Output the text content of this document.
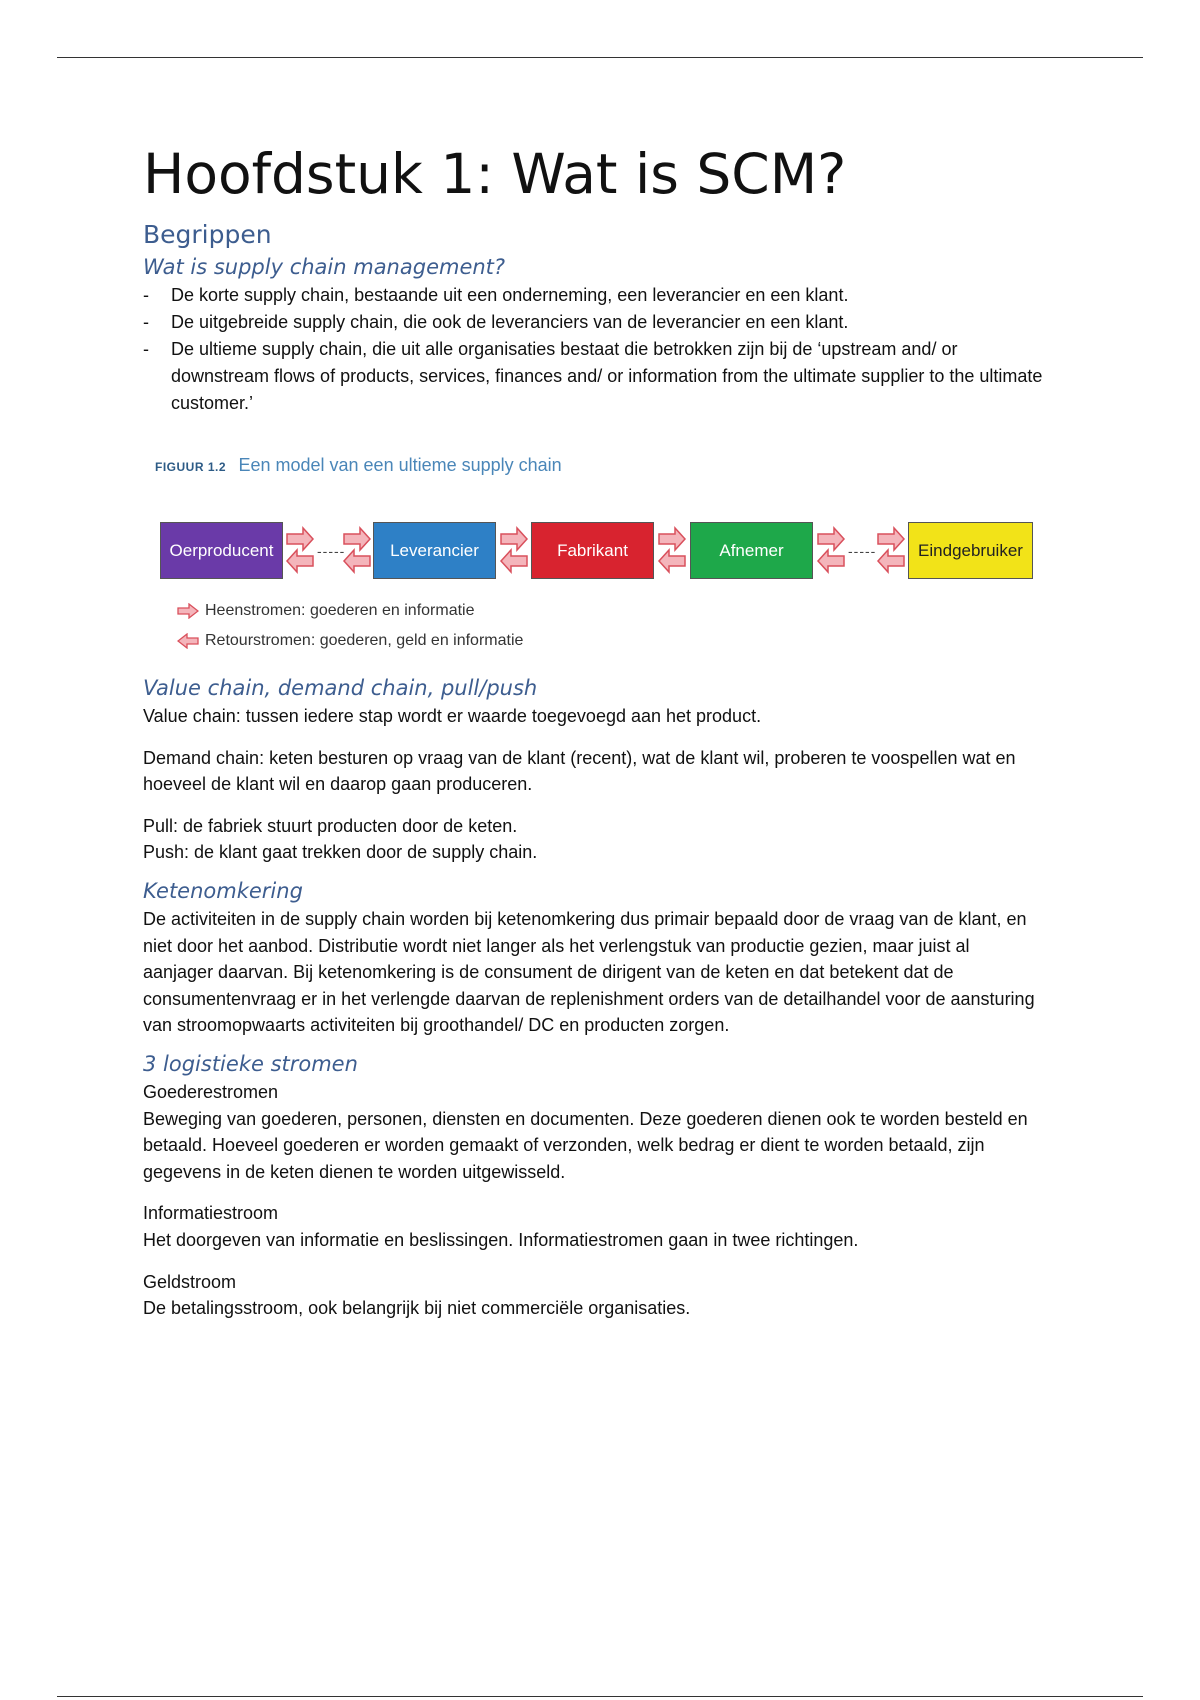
Hoofdstuk 1: Wat is SCM?
Begrippen
Wat is supply chain management?
- De korte supply chain, bestaande uit een onderneming, een leverancier en een klant.
- De uitgebreide supply chain, die ook de leveranciers van de leverancier en een klant.
- De ultieme supply chain, die uit alle organisaties bestaat die betrokken zijn bij de ‘upstream and/ or downstream flows of products, services, finances and/ or information from the ultimate supplier to the ultimate customer.’
FIGUUR 1.2 Een model van een ultieme supply chain
Oerproducent	Leverancier	Fabrikant	Afnemer	Eindgebruiker
-----	-----
Heenstromen: goederen en informatie
Retourstromen: goederen, geld en informatie
Value chain, demand chain, pull/push

Value chain: tussen iedere stap wordt er waarde toegevoegd aan het product.

Demand chain: keten besturen op vraag van de klant (recent), wat de klant wil, proberen te voospellen wat en hoeveel de klant wil en daarop gaan produceren.

Pull: de fabriek stuurt producten door de keten.
Push: de klant gaat trekken door de supply chain.

Ketenomkering

De activiteiten in de supply chain worden bij ketenomkering dus primair bepaald door de vraag van de klant, en niet door het aanbod. Distributie wordt niet langer als het verlengstuk van productie gezien, maar juist al aanjager daarvan. Bij ketenomkering is de consument de dirigent van de keten en dat betekent dat de consumentenvraag er in het verlengde daarvan de replenishment orders van de detailhandel voor de aansturing van stroomopwaarts activiteiten bij groothandel/ DC en producten zorgen.

3 logistieke stromen

Goederestromen
Beweging van goederen, personen, diensten en documenten. Deze goederen dienen ook te worden besteld en betaald. Hoeveel goederen er worden gemaakt of verzonden, welk bedrag er dient te worden betaald, zijn gegevens in de keten dienen te worden uitgewisseld.

Informatiestroom
Het doorgeven van informatie en beslissingen. Informatiestromen gaan in twee richtingen.

Geldstroom
De betalingsstroom, ook belangrijk bij niet commerciële organisaties.
